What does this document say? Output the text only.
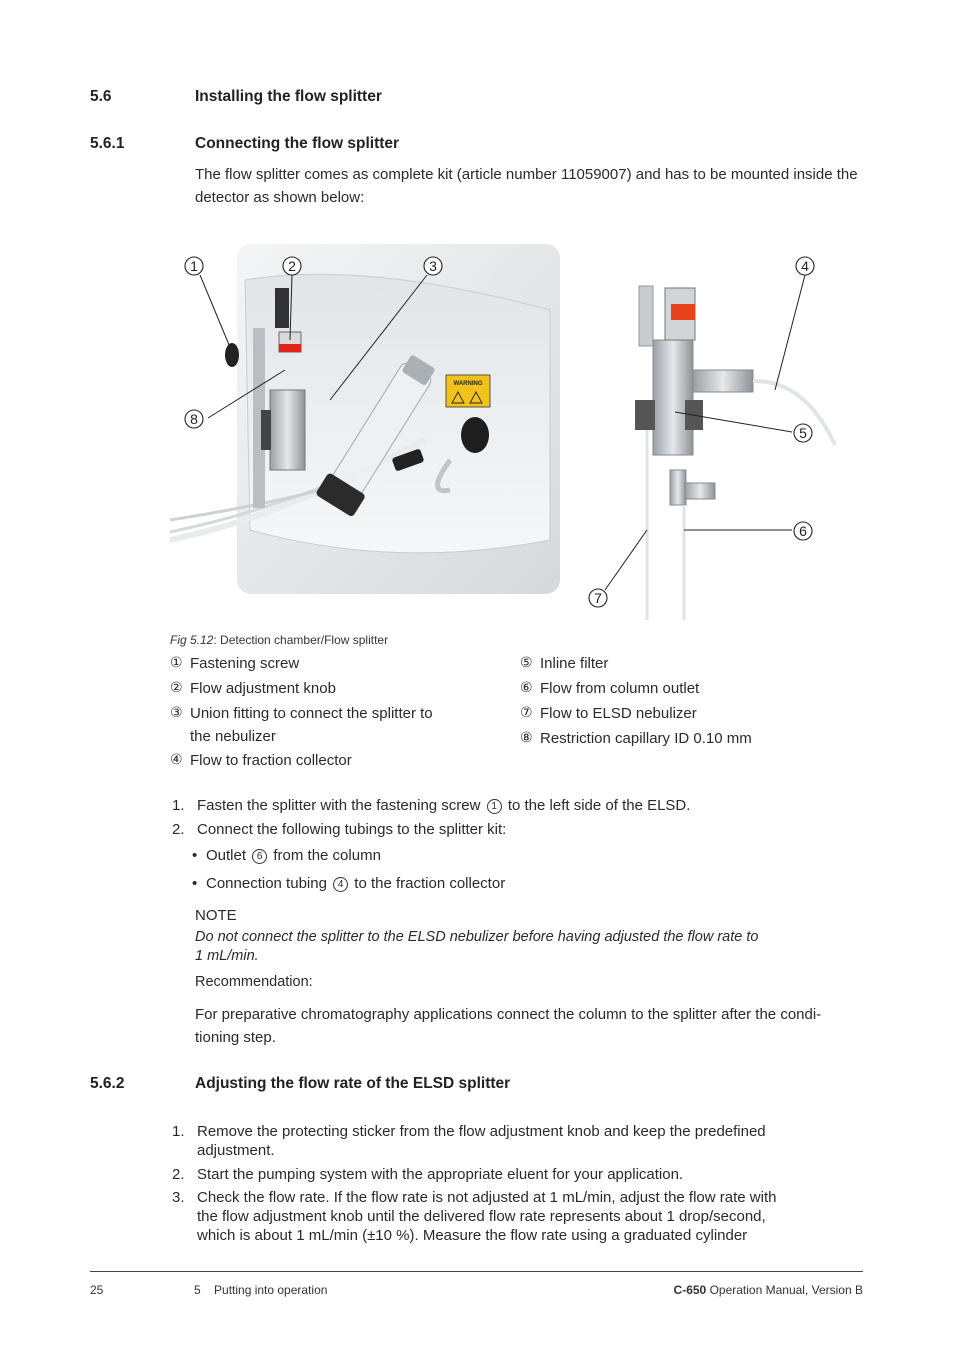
5.6	Installing the flow splitter
5.6.1	Connecting the flow splitter
The flow splitter comes as complete kit (article number 11059007) and has to be mounted inside the detector as shown below:
WARNING
1	2	3	4
5
6
7
8
Fig 5.12: Detection chamber/Flow splitter
① Fastening screw
② Flow adjustment knob
③ Union fitting to connect the splitter to
the nebulizer
④ Flow to fraction collector
⑤ Inline filter
⑥ Flow from column outlet
⑦ Flow to ELSD nebulizer
⑧ Restriction capillary ID 0.10 mm
1. Fasten the splitter with the fastening screw 1 to the left side of the ELSD.
2. Connect the following tubings to the splitter kit:
• Outlet 6 from the column
• Connection tubing 4 to the fraction collector
NOTE
Do not connect the splitter to the ELSD nebulizer before having adjusted the flow rate to
1 mL/min.
Recommendation:
For preparative chromatography applications connect the column to the splitter after the condi-
tioning step.
5.6.2	Adjusting the flow rate of the ELSD splitter
1. Remove the protecting sticker from the flow adjustment knob and keep the predefined
adjustment.
2. Start the pumping system with the appropriate eluent for your application.
3. Check the flow rate. If the flow rate is not adjusted at 1 mL/min, adjust the flow rate with
the flow adjustment knob until the delivered flow rate represents about 1 drop/second,
which is about 1 mL/min (±10 %). Measure the flow rate using a graduated cylinder
25	5    Putting into operation	C-650 Operation Manual, Version B
